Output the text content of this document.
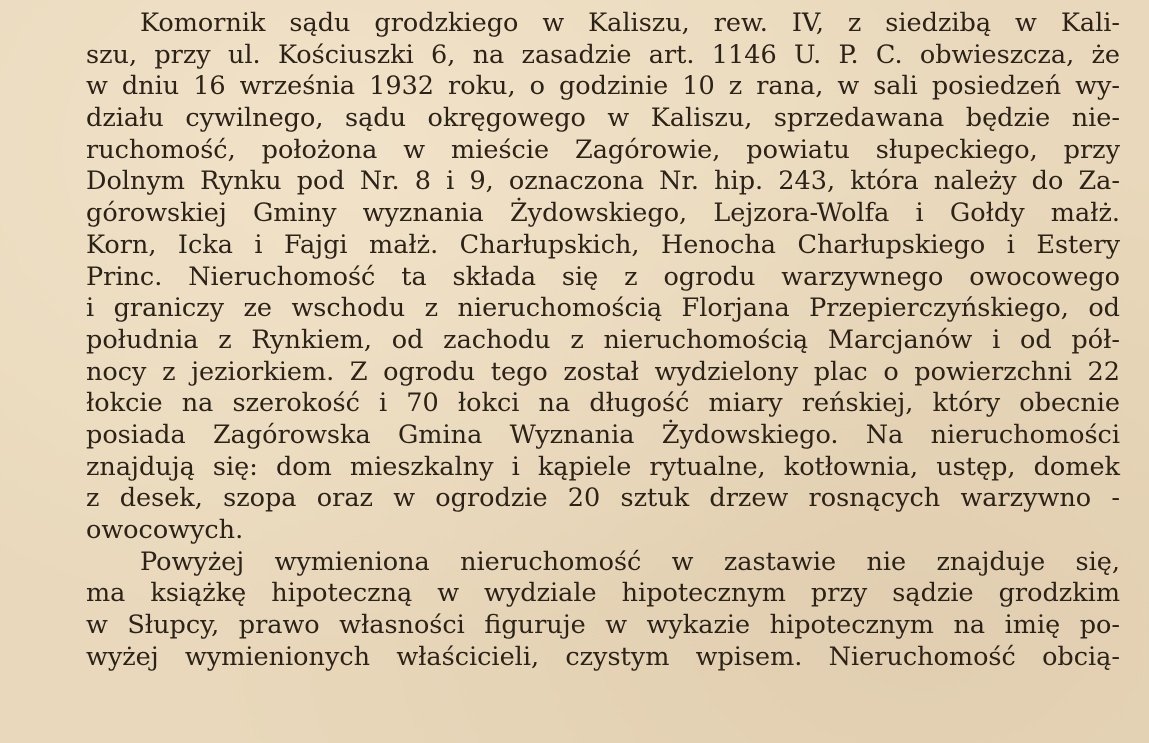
Komornik sądu grodzkiego w Kaliszu, rew. IV, z siedzibą w Kali-
szu, przy ul. Kościuszki 6, na zasadzie art. 1146 U. P. C. obwieszcza, że
w dniu 16 września 1932 roku, o godzinie 10 z rana, w sali posiedzeń wy-
działu cywilnego, sądu okręgowego w Kaliszu, sprzedawana będzie nie-
ruchomość, położona w mieście Zagórowie, powiatu słupeckiego, przy
Dolnym Rynku pod Nr. 8 i 9, oznaczona Nr. hip. 243, która należy do Za-
górowskiej Gminy wyznania Żydowskiego, Lejzora-Wolfa i Gołdy małż.
Korn, Icka i Fajgi małż. Charłupskich, Henocha Charłupskiego i Estery
Princ. Nieruchomość ta składa się z ogrodu warzywnego owocowego
i graniczy ze wschodu z nieruchomością Florjana Przepierczyńskiego, od
południa z Rynkiem, od zachodu z nieruchomością Marcjanów i od pół-
nocy z jeziorkiem. Z ogrodu tego został wydzielony plac o powierzchni 22
łokcie na szerokość i 70 łokci na długość miary reńskiej, który obecnie
posiada Zagórowska Gmina Wyznania Żydowskiego. Na nieruchomości
znajdują się: dom mieszkalny i kąpiele rytualne, kotłownia, ustęp, domek
z desek, szopa oraz w ogrodzie 20 sztuk drzew rosnących warzywno -
owocowych.
Powyżej wymieniona nieruchomość w zastawie nie znajduje się,
ma książkę hipoteczną w wydziale hipotecznym przy sądzie grodzkim
w Słupcy, prawo własności figuruje w wykazie hipotecznym na imię po-
wyżej wymienionych właścicieli, czystym wpisem. Nieruchomość obcią-
